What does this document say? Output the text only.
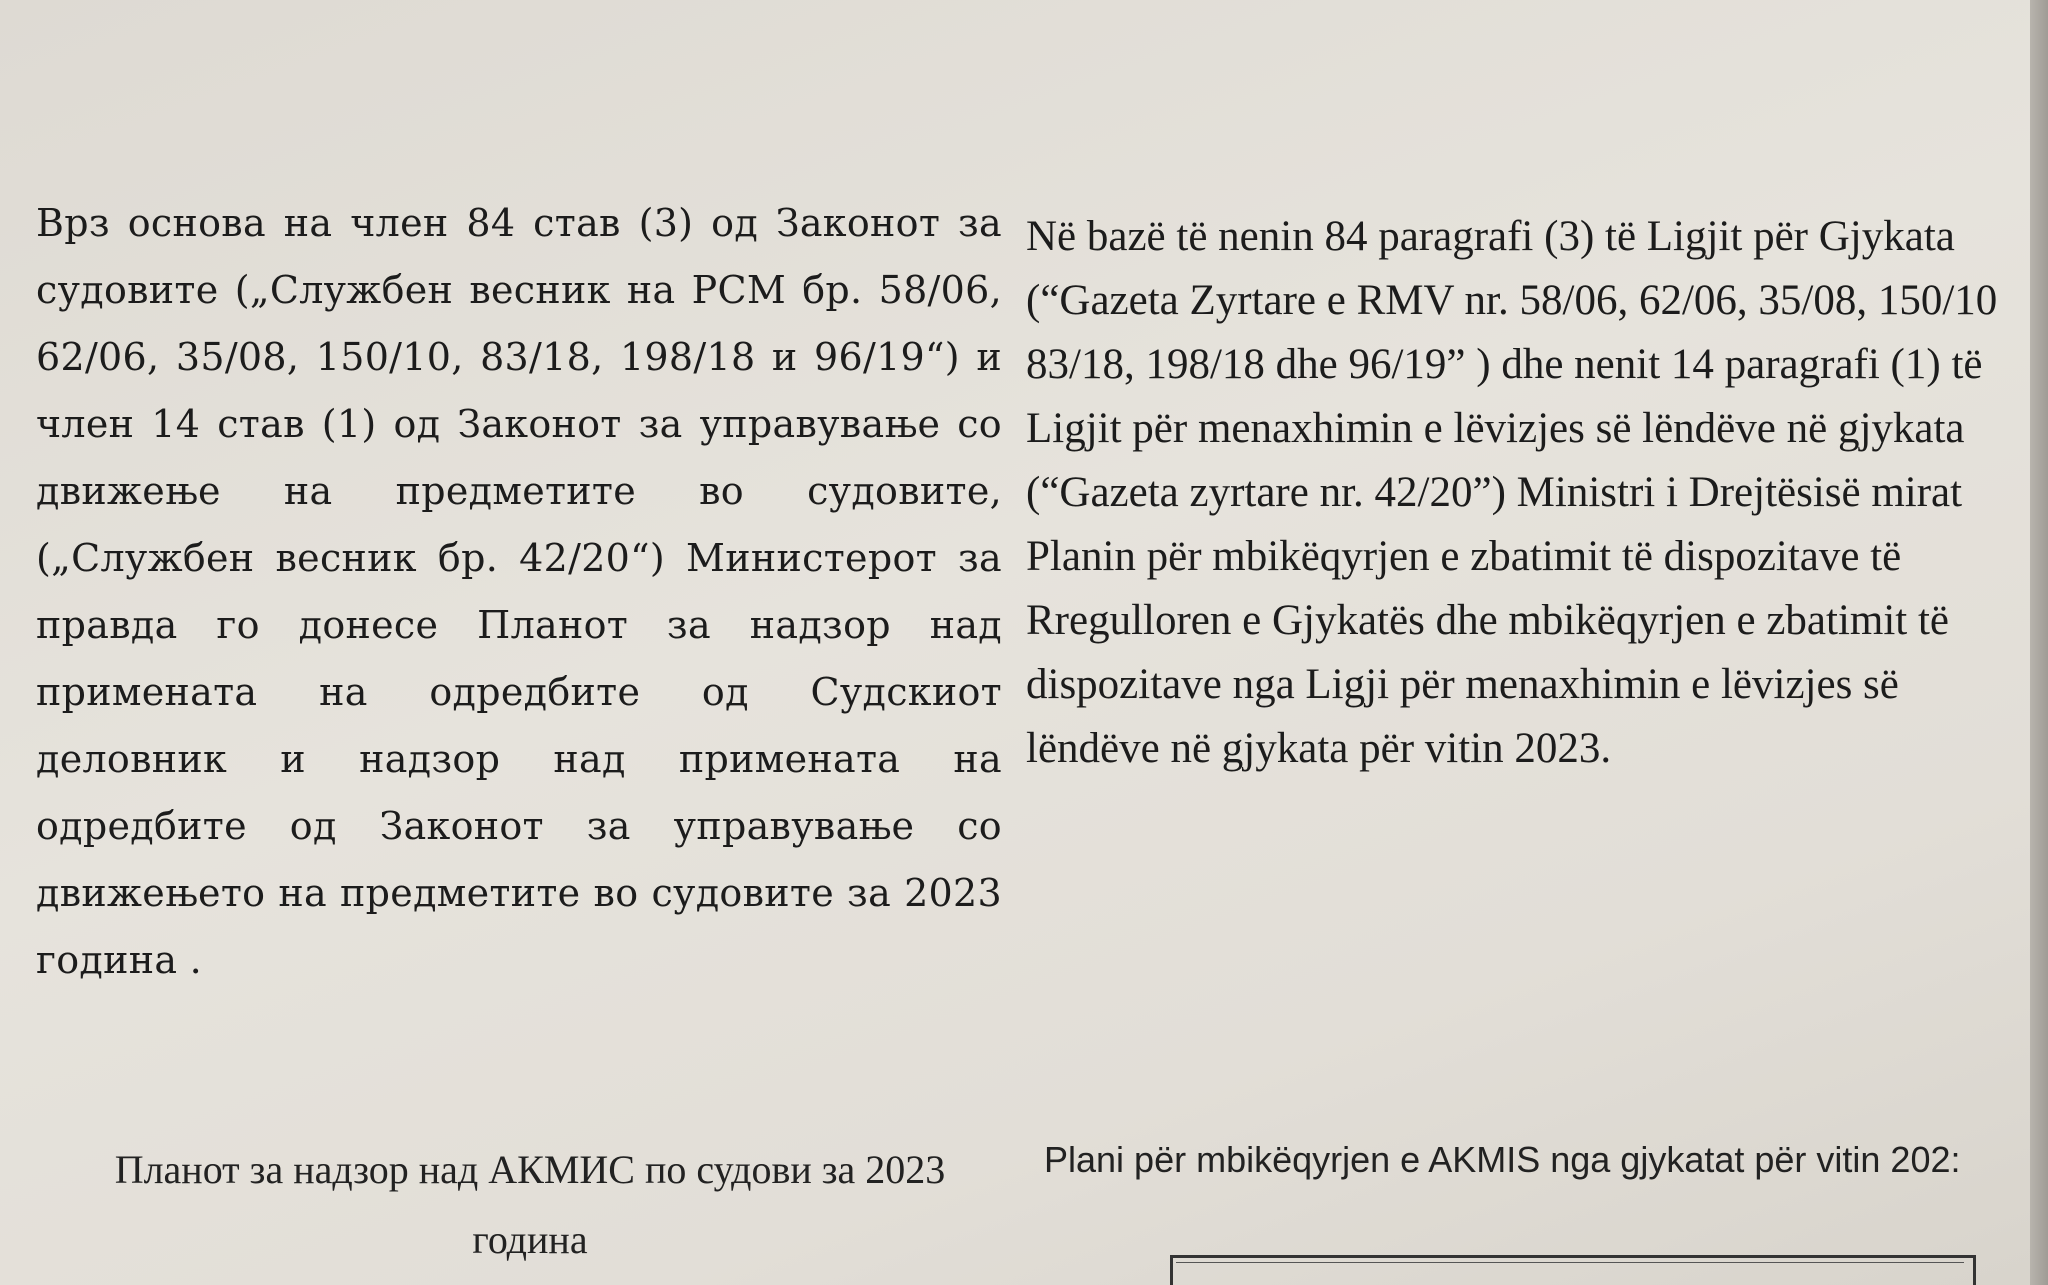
Врз основа на член 84 став (3) од Законот за судовите („Службен весник на РСМ бр. 58/06, 62/06, 35/08, 150/10, 83/18, 198/18 и 96/19“) и член 14 став (1) од Законот за управување со движење на предметите во судовите, („Службен весник бр. 42/20“) Министерот за правда го донесе Планот за надзор над примената на одредбите од Судскиот деловник и надзор над примената на одредбите од Законот за управување со движењето на предметите во судовите за 2023 година .

Në bazë të nenin 84 paragrafi (3) të Ligjit për Gjykata
(“Gazeta Zyrtare e RMV nr. 58/06, 62/06, 35/08, 150/10
83/18, 198/18 dhe 96/19” ) dhe nenit 14 paragrafi (1) të
Ligjit për menaxhimin e lëvizjes së lëndëve në gjykata
(“Gazeta zyrtare nr. 42/20”) Ministri i Drejtësisë mirat
Planin për mbikëqyrjen e zbatimit të dispozitave të
Rregulloren e Gjykatës dhe mbikëqyrjen e zbatimit të
dispozitave nga Ligji për menaxhimin e lëvizjes së
lëndëve në gjykata për vitin 2023.
Планот за надзор над АКМИС по судови за 2023 година
Plani për mbikëqyrjen e AKMIS nga gjykatat për vitin 202:
